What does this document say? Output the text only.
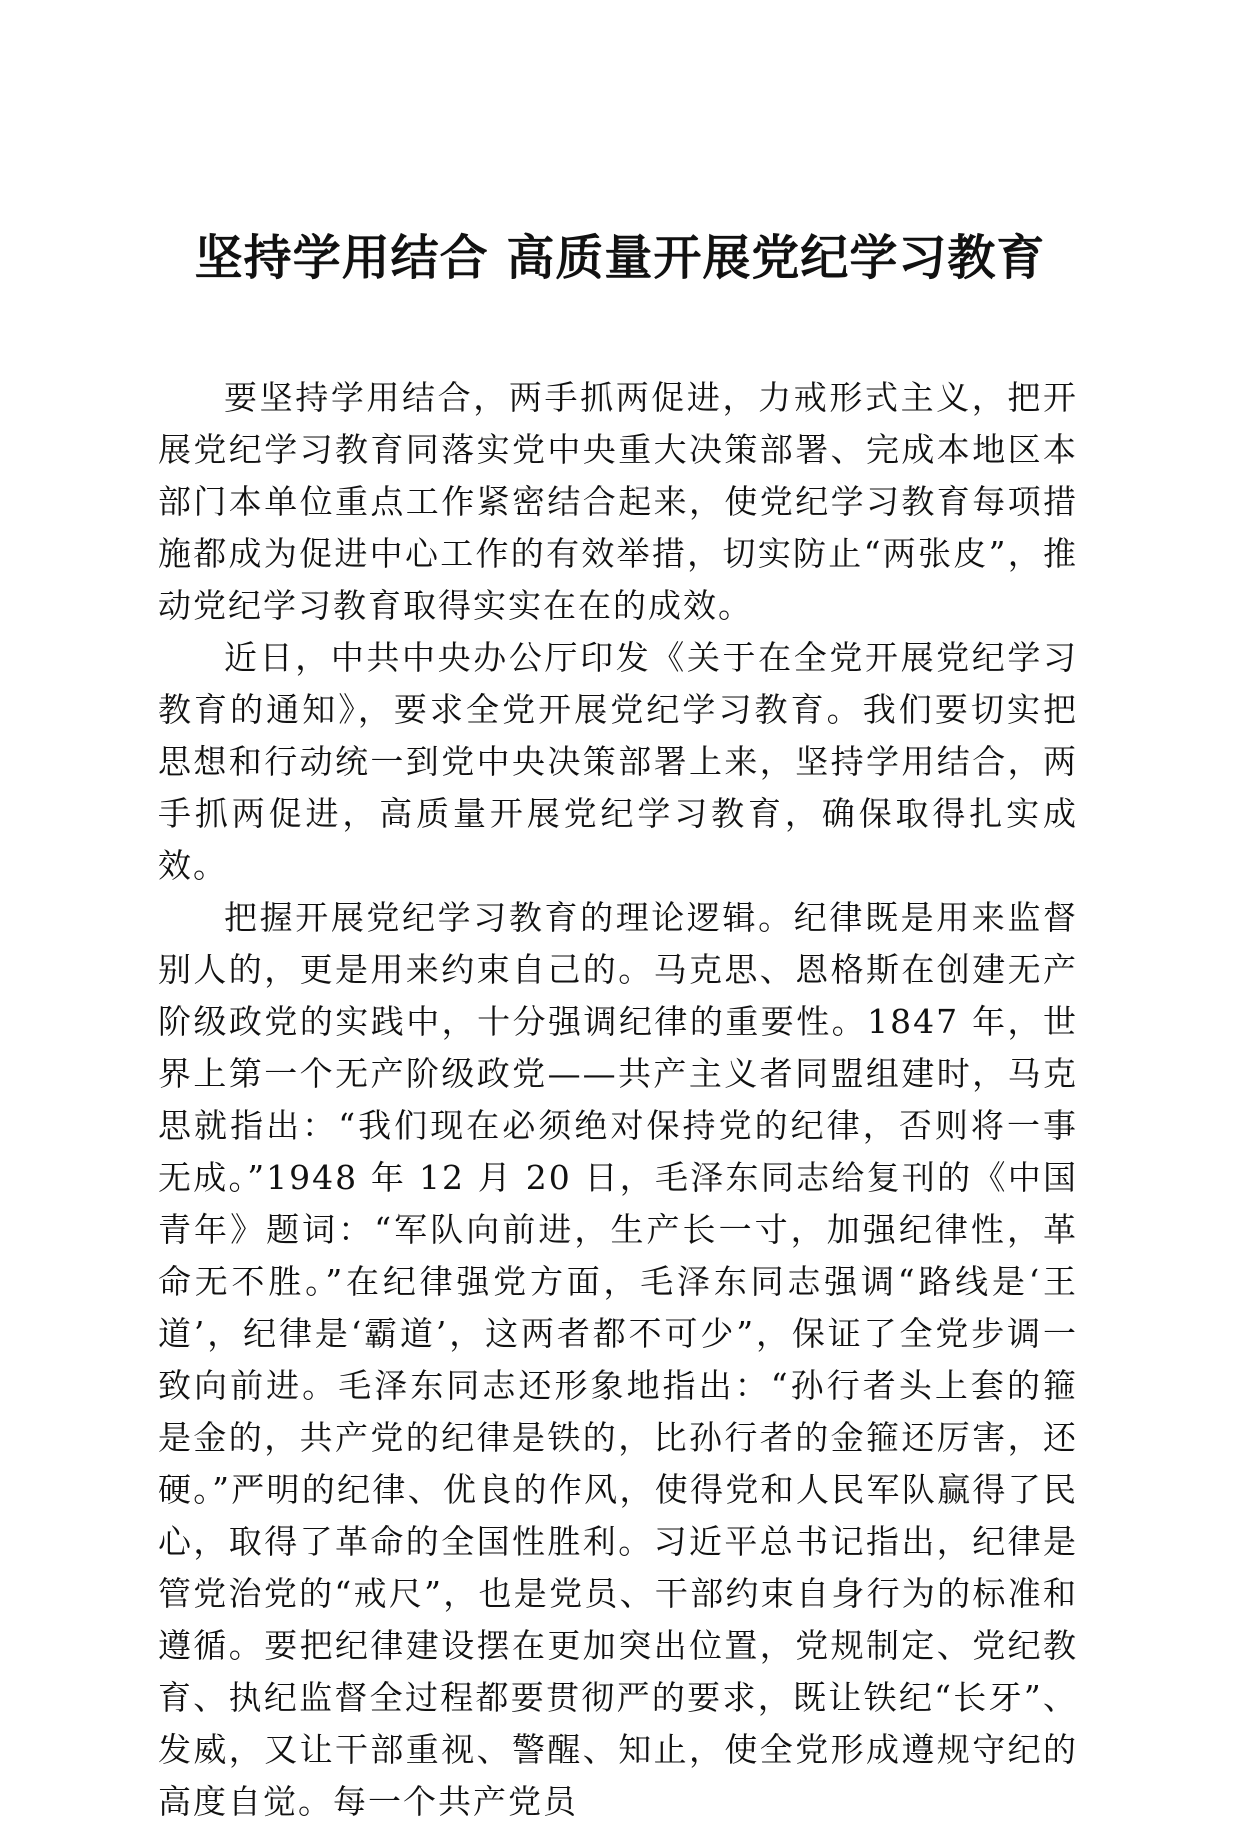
坚持学用结合 高质量开展党纪学习教育

要坚持学用结合，两手抓两促进，力戒形式主义，把开展党纪学习教育同落实党中央重大决策部署、完成本地区本部门本单位重点工作紧密结合起来，使党纪学习教育每项措施都成为促进中心工作的有效举措，切实防止“两张皮”，推动党纪学习教育取得实实在在的成效。

近日，中共中央办公厅印发《关于在全党开展党纪学习教育的通知》，要求全党开展党纪学习教育。我们要切实把思想和行动统一到党中央决策部署上来，坚持学用结合，两手抓两促进，高质量开展党纪学习教育，确保取得扎实成效。

把握开展党纪学习教育的理论逻辑。纪律既是用来监督别人的，更是用来约束自己的。马克思、恩格斯在创建无产阶级政党的实践中，十分强调纪律的重要性。1847 年，世界上第一个无产阶级政党——共产主义者同盟组建时，马克思就指出：“我们现在必须绝对保持党的纪律，否则将一事无成。”1948 年 12 月 20 日，毛泽东同志给复刊的《中国青年》题词：“军队向前进，生产长一寸，加强纪律性，革命无不胜。”在纪律强党方面，毛泽东同志强调“路线是‘王道’，纪律是‘霸道’，这两者都不可少”，保证了全党步调一致向前进。毛泽东同志还形象地指出：“孙行者头上套的箍是金的，共产党的纪律是铁的，比孙行者的金箍还厉害，还硬。”严明的纪律、优良的作风，使得党和人民军队赢得了民心，取得了革命的全国性胜利。习近平总书记指出，纪律是管党治党的“戒尺”，也是党员、干部约束自身行为的标准和遵循。要把纪律建设摆在更加突出位置，党规制定、党纪教育、执纪监督全过程都要贯彻严的要求，既让铁纪“长牙”、发威，又让干部重视、警醒、知止，使全党形成遵规守纪的高度自觉。每一个共产党员
